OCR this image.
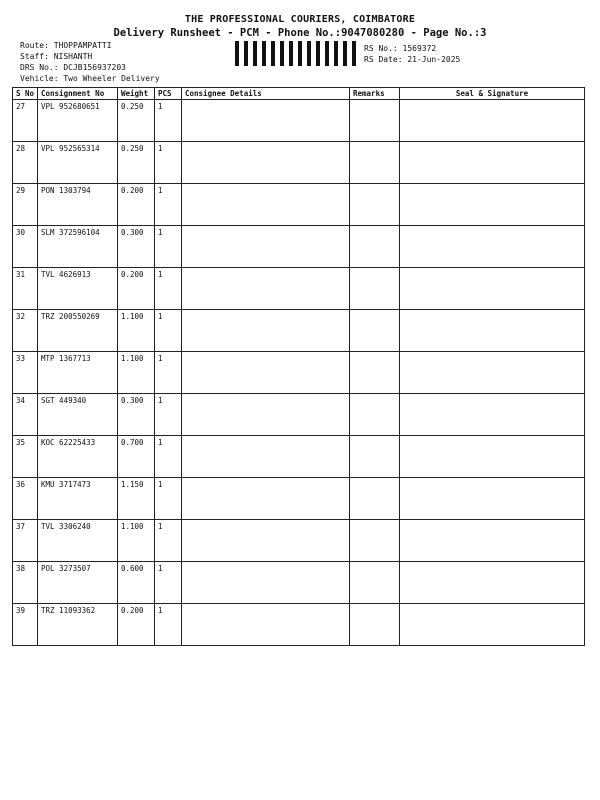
THE PROFESSIONAL COURIERS, COIMBATORE
Delivery Runsheet - PCM - Phone No.:9047080280 - Page No.:3
Route: THOPPAMPATTI
Staff: NISHANTH
DRS No.: DCJB156937203
Vehicle: Two Wheeler Delivery
RS No.: 1569372
RS Date: 21-Jun-2025
S No	Consignment No	Weight	PCS	Consignee Details	Remarks	Seal & Signature
27	VPL 952680651	0.250	1			
28	VPL 952565314	0.250	1			
29	PON 1303794	0.200	1			
30	SLM 372596104	0.300	1			
31	TVL 4626913	0.200	1			
32	TRZ 200550269	1.100	1			
33	MTP 1367713	1.100	1			
34	SGT 449340	0.300	1			
35	KOC 62225433	0.700	1			
36	KMU 3717473	1.150	1			
37	TVL 3306240	1.100	1			
38	POL 3273507	0.600	1			
39	TRZ 11093362	0.200	1			
